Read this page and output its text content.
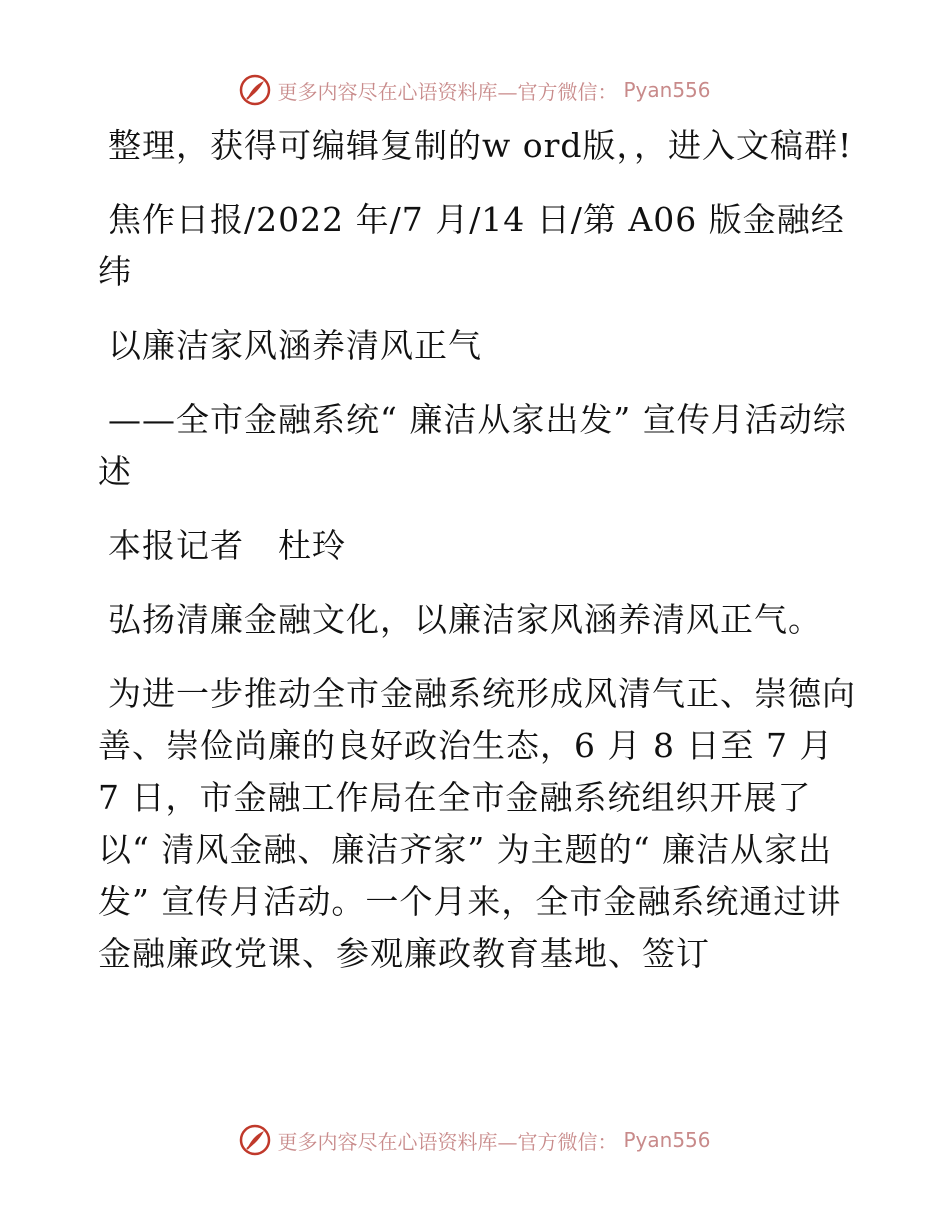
更多内容尽在心语资料库—官方微信： Pyan556

整理，获得可编辑复制的w ord版，，进入文稿群!

焦作日报/2022 年/7 月/14 日/第 A06 版金融经纬

以廉洁家风涵养清风正气

——全市金融系统“ 廉洁从家出发” 宣传月活动综述

本报记者　杜玲

弘扬清廉金融文化，以廉洁家风涵养清风正气。

为进一步推动全市金融系统形成风清气正、崇德向善、崇俭尚廉的良好政治生态，6 月 8 日至 7 月 7 日，市金融工作局在全市金融系统组织开展了以“ 清风金融、廉洁齐家” 为主题的“ 廉洁从家出发” 宣传月活动。一个月来，全市金融系统通过讲金融廉政党课、参观廉政教育基地、签订

更多内容尽在心语资料库—官方微信： Pyan556
